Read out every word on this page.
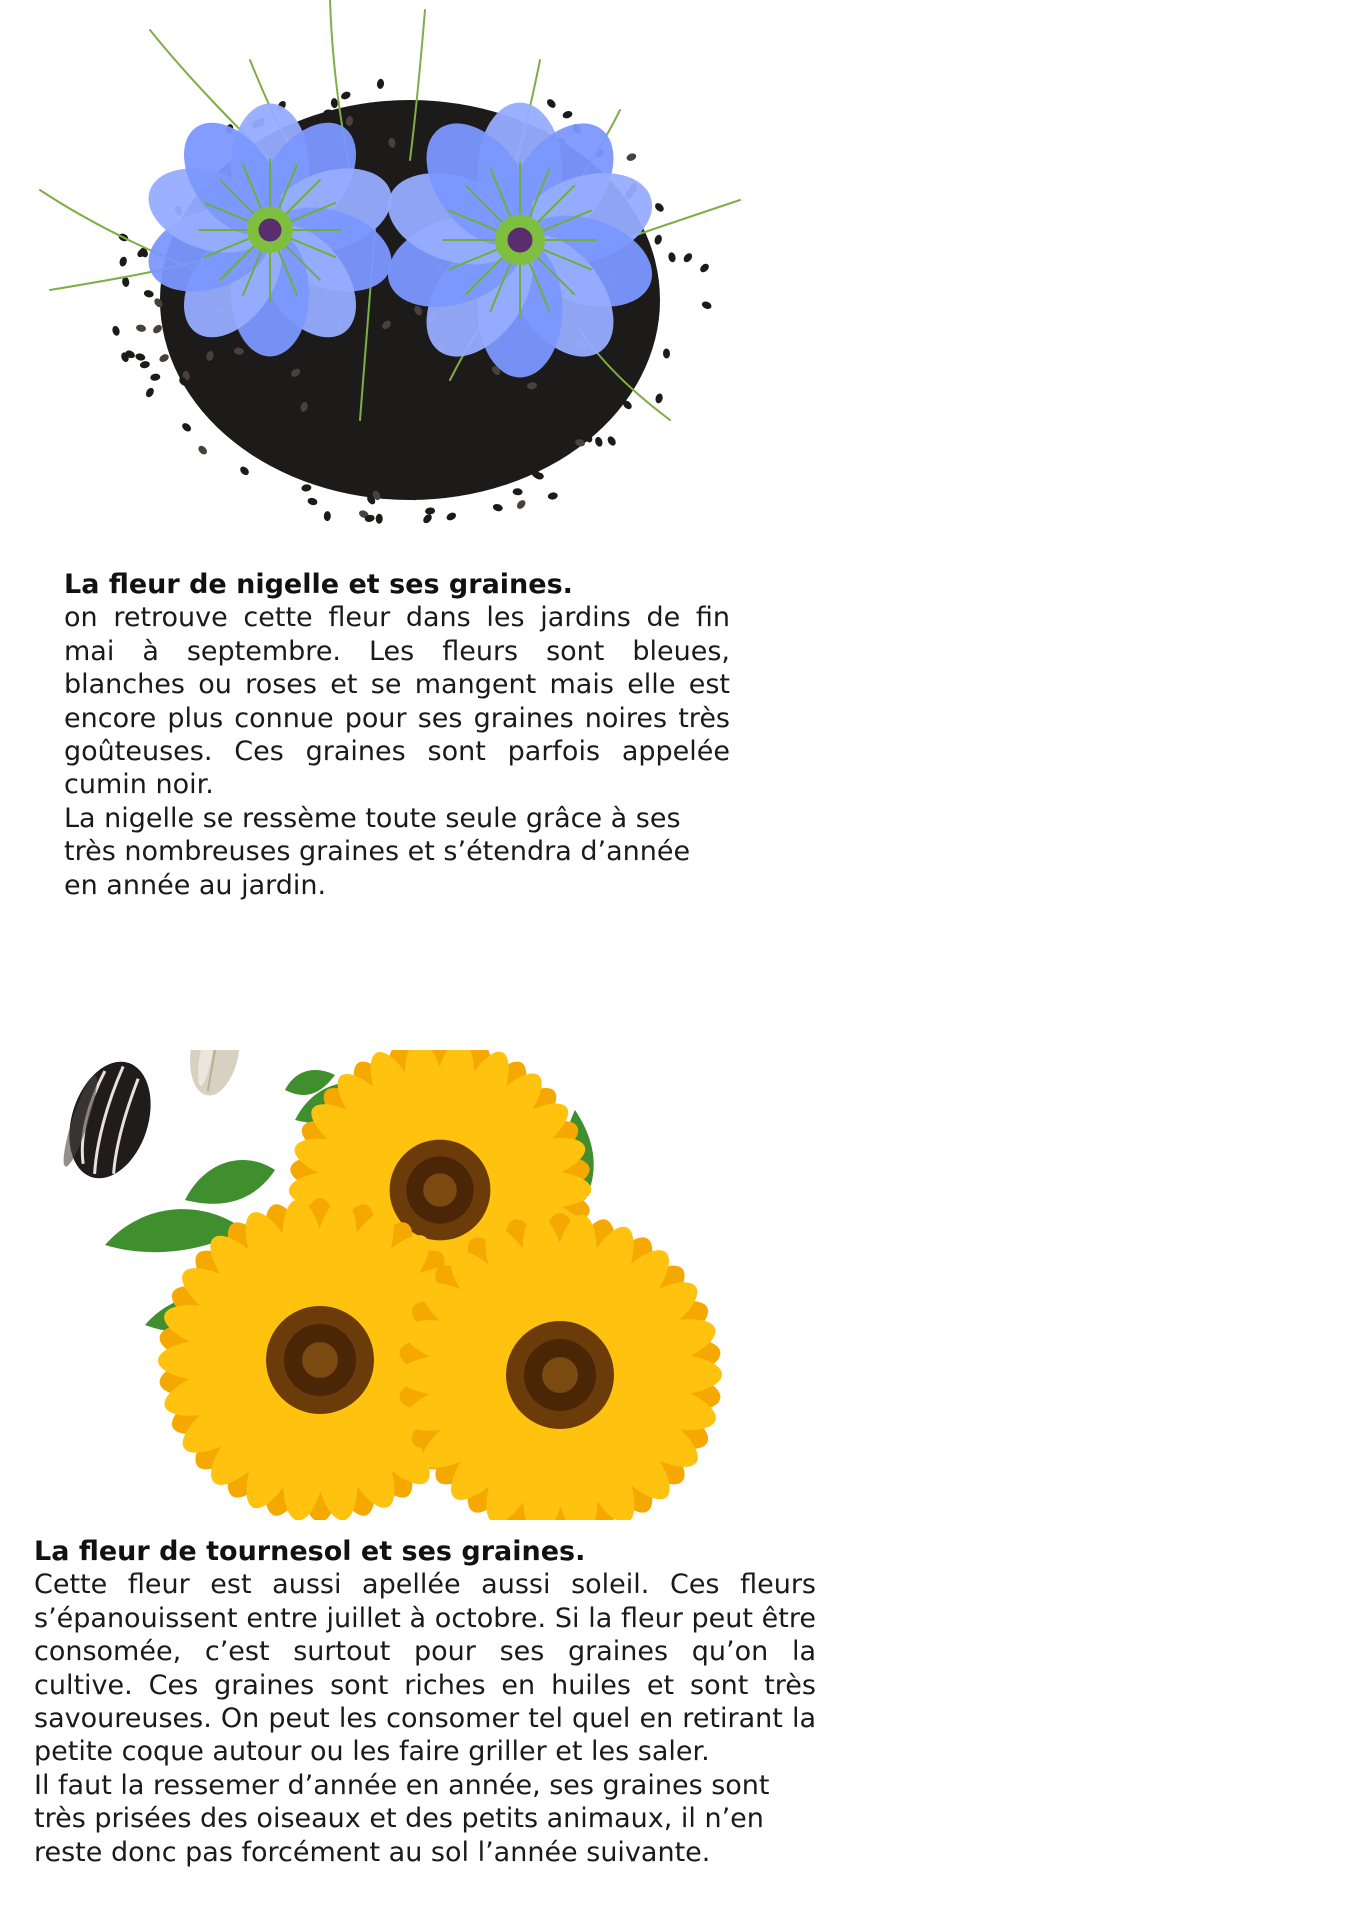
La fleur de nigelle et ses graines.

on retrouve cette fleur dans les jardins de fin mai à septembre. Les fleurs sont bleues, blanches ou roses et se mangent mais elle est encore plus connue pour ses graines noires très goûteuses. Ces graines sont parfois appelée cumin noir.

La nigelle se ressème toute seule grâce à ses très nombreuses graines et s’étendra d’année en année au jardin.

La fleur de tournesol et ses graines.

Cette fleur est aussi apellée aussi soleil. Ces fleurs s’épanouissent entre juillet à octobre. Si la fleur peut être consomée, c’est surtout pour ses graines qu’on la cultive. Ces graines sont riches en huiles et sont très savoureuses. On peut les consomer tel quel en retirant la petite coque autour ou les faire griller et les saler.

Il faut la ressemer d’année en année, ses graines sont très prisées des oiseaux et des petits animaux, il n’en reste donc pas forcément au sol l’année suivante.
